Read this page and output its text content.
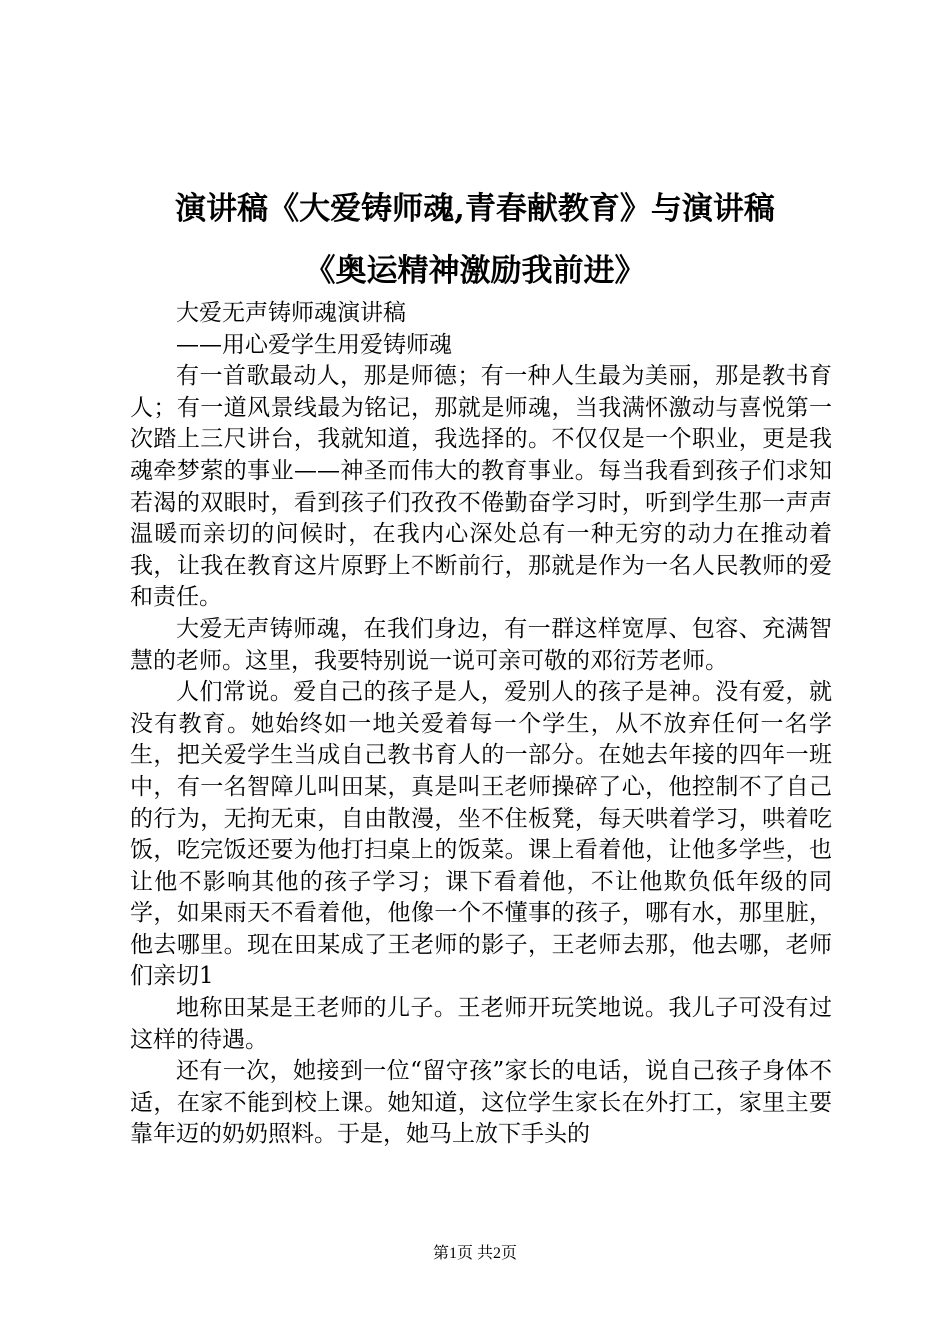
演讲稿《大爱铸师魂,青春献教育》与演讲稿
《奥运精神激励我前进》

大爱无声铸师魂演讲稿

——用心爱学生用爱铸师魂

有一首歌最动人，那是师德；有一种人生最为美丽，那是教书育人；有一道风景线最为铭记，那就是师魂，当我满怀激动与喜悦第一次踏上三尺讲台，我就知道，我选择的。不仅仅是一个职业，更是我魂牵梦萦的事业——神圣而伟大的教育事业。每当我看到孩子们求知若渴的双眼时，看到孩子们孜孜不倦勤奋学习时，听到学生那一声声温暖而亲切的问候时，在我内心深处总有一种无穷的动力在推动着我，让我在教育这片原野上不断前行，那就是作为一名人民教师的爱和责任。

大爱无声铸师魂，在我们身边，有一群这样宽厚、包容、充满智慧的老师。这里，我要特别说一说可亲可敬的邓衍芳老师。

人们常说。爱自己的孩子是人，爱别人的孩子是神。没有爱，就没有教育。她始终如一地关爱着每一个学生，从不放弃任何一名学生，把关爱学生当成自己教书育人的一部分。在她去年接的四年一班中，有一名智障儿叫田某，真是叫王老师操碎了心，他控制不了自己的行为，无拘无束，自由散漫，坐不住板凳，每天哄着学习，哄着吃饭，吃完饭还要为他打扫桌上的饭菜。课上看着他，让他多学些，也让他不影响其他的孩子学习；课下看着他，不让他欺负低年级的同学，如果雨天不看着他，他像一个不懂事的孩子，哪有水，那里脏，他去哪里。现在田某成了王老师的影子，王老师去那，他去哪，老师们亲切1

地称田某是王老师的儿子。王老师开玩笑地说。我儿子可没有过这样的待遇。

还有一次，她接到一位“留守孩”家长的电话，说自己孩子身体不适，在家不能到校上课。她知道，这位学生家长在外打工，家里主要靠年迈的奶奶照料。于是，她马上放下手头的

第1页 共2页
